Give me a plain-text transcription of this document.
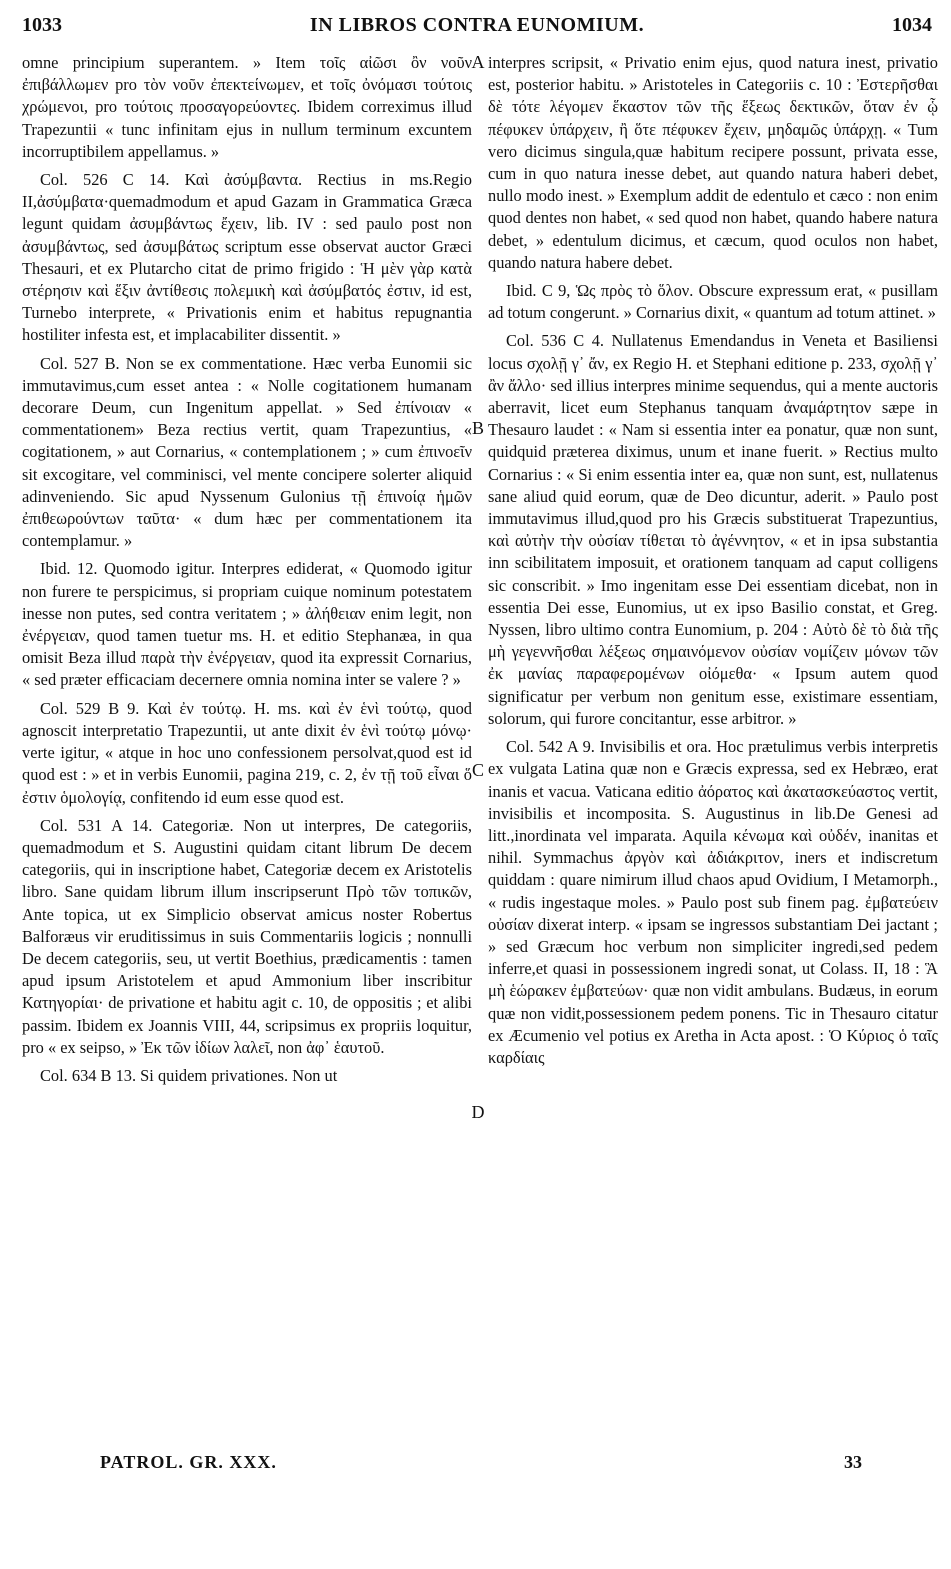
1033	IN LIBROS CONTRA EUNOMIUM.	1034

omne principium superantem. » Item τοῖς αἰῶσι ὂν νοῦν ἐπιβάλλωμεν pro τὸν νοῦν ἐπεκτείνωμεν, et τοῖς ὀνόμασι τούτοις χρώμενοι, pro τούτοις προσαγορεύοντες. Ibidem correximus illud Trapezuntii « tunc infinitam ejus in nullum terminum excuntem incorruptibilem appellamus. »

Col. 526 C 14. Καὶ ἀσύμβαντα. Rectius in ms.Regio II,ἀσύμβατα·quemadmodum et apud Gazam in Grammatica Græca legunt quidam ἀσυμβάντως ἔχειν, lib. IV : sed paulo post non ἀσυμβάντως, sed ἀσυμβάτως scriptum esse observat auctor Græci Thesauri, et ex Plutarcho citat de primo frigido : Ἡ μὲν γὰρ κατὰ στέρησιν καὶ ἕξιν ἀντίθεσις πολεμικὴ καὶ ἀσύμβατός ἐστιν, id est, Turnebo interprete, « Privationis enim et habitus repugnantia hostiliter infesta est, et implacabiliter dissentit. »

Col. 527 B. Non se ex commentatione. Hæc verba Eunomii sic immutavimus,cum esset antea : « Nolle cogitationem humanam decorare Deum, cun Ingenitum appellat. » Sed ἐπίνοιαν « commentationem» Beza rectius vertit, quam Trapezuntius, « cogitationem, » aut Cornarius, « contemplationem ; » cum ἐπινοεῖν sit excogitare, vel comminisci, vel mente concipere solerter aliquid adinveniendo. Sic apud Nyssenum Gulonius τῇ ἐπινοίᾳ ἡμῶν ἐπιθεωρούντων ταῦτα· « dum hæc per commentationem ita contemplamur. »

Ibid. 12. Quomodo igitur. Interpres ediderat, « Quomodo igitur non furere te perspicimus, si propriam cuique nominum potestatem inesse non putes, sed contra veritatem ; » ἀλήθειαν enim legit, non ἐνέργειαν, quod tamen tuetur ms. H. et editio Stephanæa, in qua omisit Beza illud παρὰ τὴν ἐνέργειαν, quod ita expressit Cornarius, « sed præter efficaciam decernere omnia nomina inter se valere ? »

Col. 529 B 9. Καὶ ἐν τούτῳ. H. ms. καὶ ἐν ἑνὶ τούτῳ, quod agnoscit interpretatio Trapezuntii, ut ante dixit ἐν ἑνὶ τούτῳ μόνῳ· verte igitur, « atque in hoc uno confessionem persolvat,quod est id quod est : » et in verbis Eunomii, pagina 219, c. 2, ἐν τῇ τοῦ εἶναι ὅ ἐστιν ὁμολογίᾳ, confitendo id eum esse quod est.

Col. 531 A 14. Categoriæ. Non ut interpres, De categoriis, quemadmodum et S. Augustini quidam citant librum De decem categoriis, qui in inscriptione habet, Categoriæ decem ex Aristotelis libro. Sane quidam librum illum inscripserunt Πρὸ τῶν τοπικῶν, Ante topica, ut ex Simplicio observat amicus noster Robertus Balforæus vir eruditissimus in suis Commentariis logicis ; nonnulli De decem categoriis, seu, ut vertit Boethius, prædicamentis : tamen apud ipsum Aristotelem et apud Ammonium liber inscribitur Κατηγορίαι· de privatione et habitu agit c. 10, de oppositis ; et alibi passim. Ibidem ex Joannis VIII, 44, scripsimus ex propriis loquitur, pro « ex seipso, » Ἐκ τῶν ἰδίων λαλεῖ, non ἀφ᾽ ἑαυτοῦ.

Col. 634 B 13. Si quidem privationes. Non ut

A
B
C
D

interpres scripsit, « Privatio enim ejus, quod natura inest, privatio est, posterior habitu. » Aristoteles in Categoriis c. 10 : Ἐστερῆσθαι δὲ τότε λέγομεν ἕκαστον τῶν τῆς ἕξεως δεκτικῶν, ὅταν ἐν ᾧ πέφυκεν ὑπάρχειν, ἢ ὅτε πέφυκεν ἔχειν, μηδαμῶς ὑπάρχῃ. « Tum vero dicimus singula,quæ habitum recipere possunt, privata esse, cum in quo natura inesse debet, aut quando natura haberi debet, nullo modo inest. » Exemplum addit de edentulo et cæco : non enim quod dentes non habet, « sed quod non habet, quando habere natura debet, » edentulum dicimus, et cæcum, quod oculos non habet, quando natura habere debet.

Ibid. C 9, Ὡς πρὸς τὸ ὅλον. Obscure expressum erat, « pusillam ad totum congerunt. » Cornarius dixit, « quantum ad totum attinet. »

Col. 536 C 4. Nullatenus Emendandus in Veneta et Basiliensi locus σχολῇ γ᾽ ἄν, ex Regio H. et Stephani editione p. 233, σχολῇ γ᾽ ἂν ἄλλο· sed illius interpres minime sequendus, qui a mente auctoris aberravit, licet eum Stephanus tanquam ἀναμάρτητον sæpe in Thesauro laudet : « Nam si essentia inter ea ponatur, quæ non sunt, quidquid præterea diximus, unum et inane fuerit. » Rectius multo Cornarius : « Si enim essentia inter ea, quæ non sunt, est, nullatenus sane aliud quid eorum, quæ de Deo dicuntur, aderit. » Paulo post immutavimus illud,quod pro his Græcis substituerat Trapezuntius, καὶ αὐτὴν τὴν οὐσίαν τίθεται τὸ ἀγέννητον, « et in ipsa substantia inn scibilitatem imposuit, et orationem tanquam ad caput colligens sic conscribit. » Imo ingenitam esse Dei essentiam dicebat, non in essentia Dei esse, Eunomius, ut ex ipso Basilio constat, et Greg. Nyssen, libro ultimo contra Eunomium, p. 204 : Αὐτὸ δὲ τὸ διὰ τῆς μὴ γεγεννῆσθαι λέξεως σημαινόμενον οὐσίαν νομίζειν μόνων τῶν ἐκ μανίας παραφερομένων οἰόμεθα· « Ipsum autem quod significatur per verbum non genitum esse, existimare essentiam, solorum, qui furore concitantur, esse arbitror. »

Col. 542 A 9. Invisibilis et ora. Hoc prætulimus verbis interpretis ex vulgata Latina quæ non e Græcis expressa, sed ex Hebræo, erat inanis et vacua. Vaticana editio ἀόρατος καὶ ἀκατασκεύαστος vertit, invisibilis et incomposita. S. Augustinus in lib.De Genesi ad litt.,inordinata vel imparata. Aquila κένωμα καὶ οὐδέν, inanitas et nihil. Symmachus ἀργὸν καὶ ἀδιάκριτον, iners et indiscretum quiddam : quare nimirum illud chaos apud Ovidium, I Metamorph., « rudis ingestaque moles. » Paulo post sub finem pag. ἐμβατεύειν οὐσίαν dixerat interp. « ipsam se ingressos substantiam Dei jactant ; » sed Græcum hoc verbum non simpliciter ingredi,sed pedem inferre,et quasi in possessionem ingredi sonat, ut Colass. II, 18 : Ἃ μὴ ἑώρακεν ἐμβατεύων· quæ non vidit ambulans. Budæus, in eorum quæ non vidit,possessionem pedem ponens. Tic in Thesauro citatur ex Æcumenio vel potius ex Aretha in Acta apost. : Ὁ Κύριος ὁ ταῖς καρδίαις

PATROL. GR. XXX.	33
